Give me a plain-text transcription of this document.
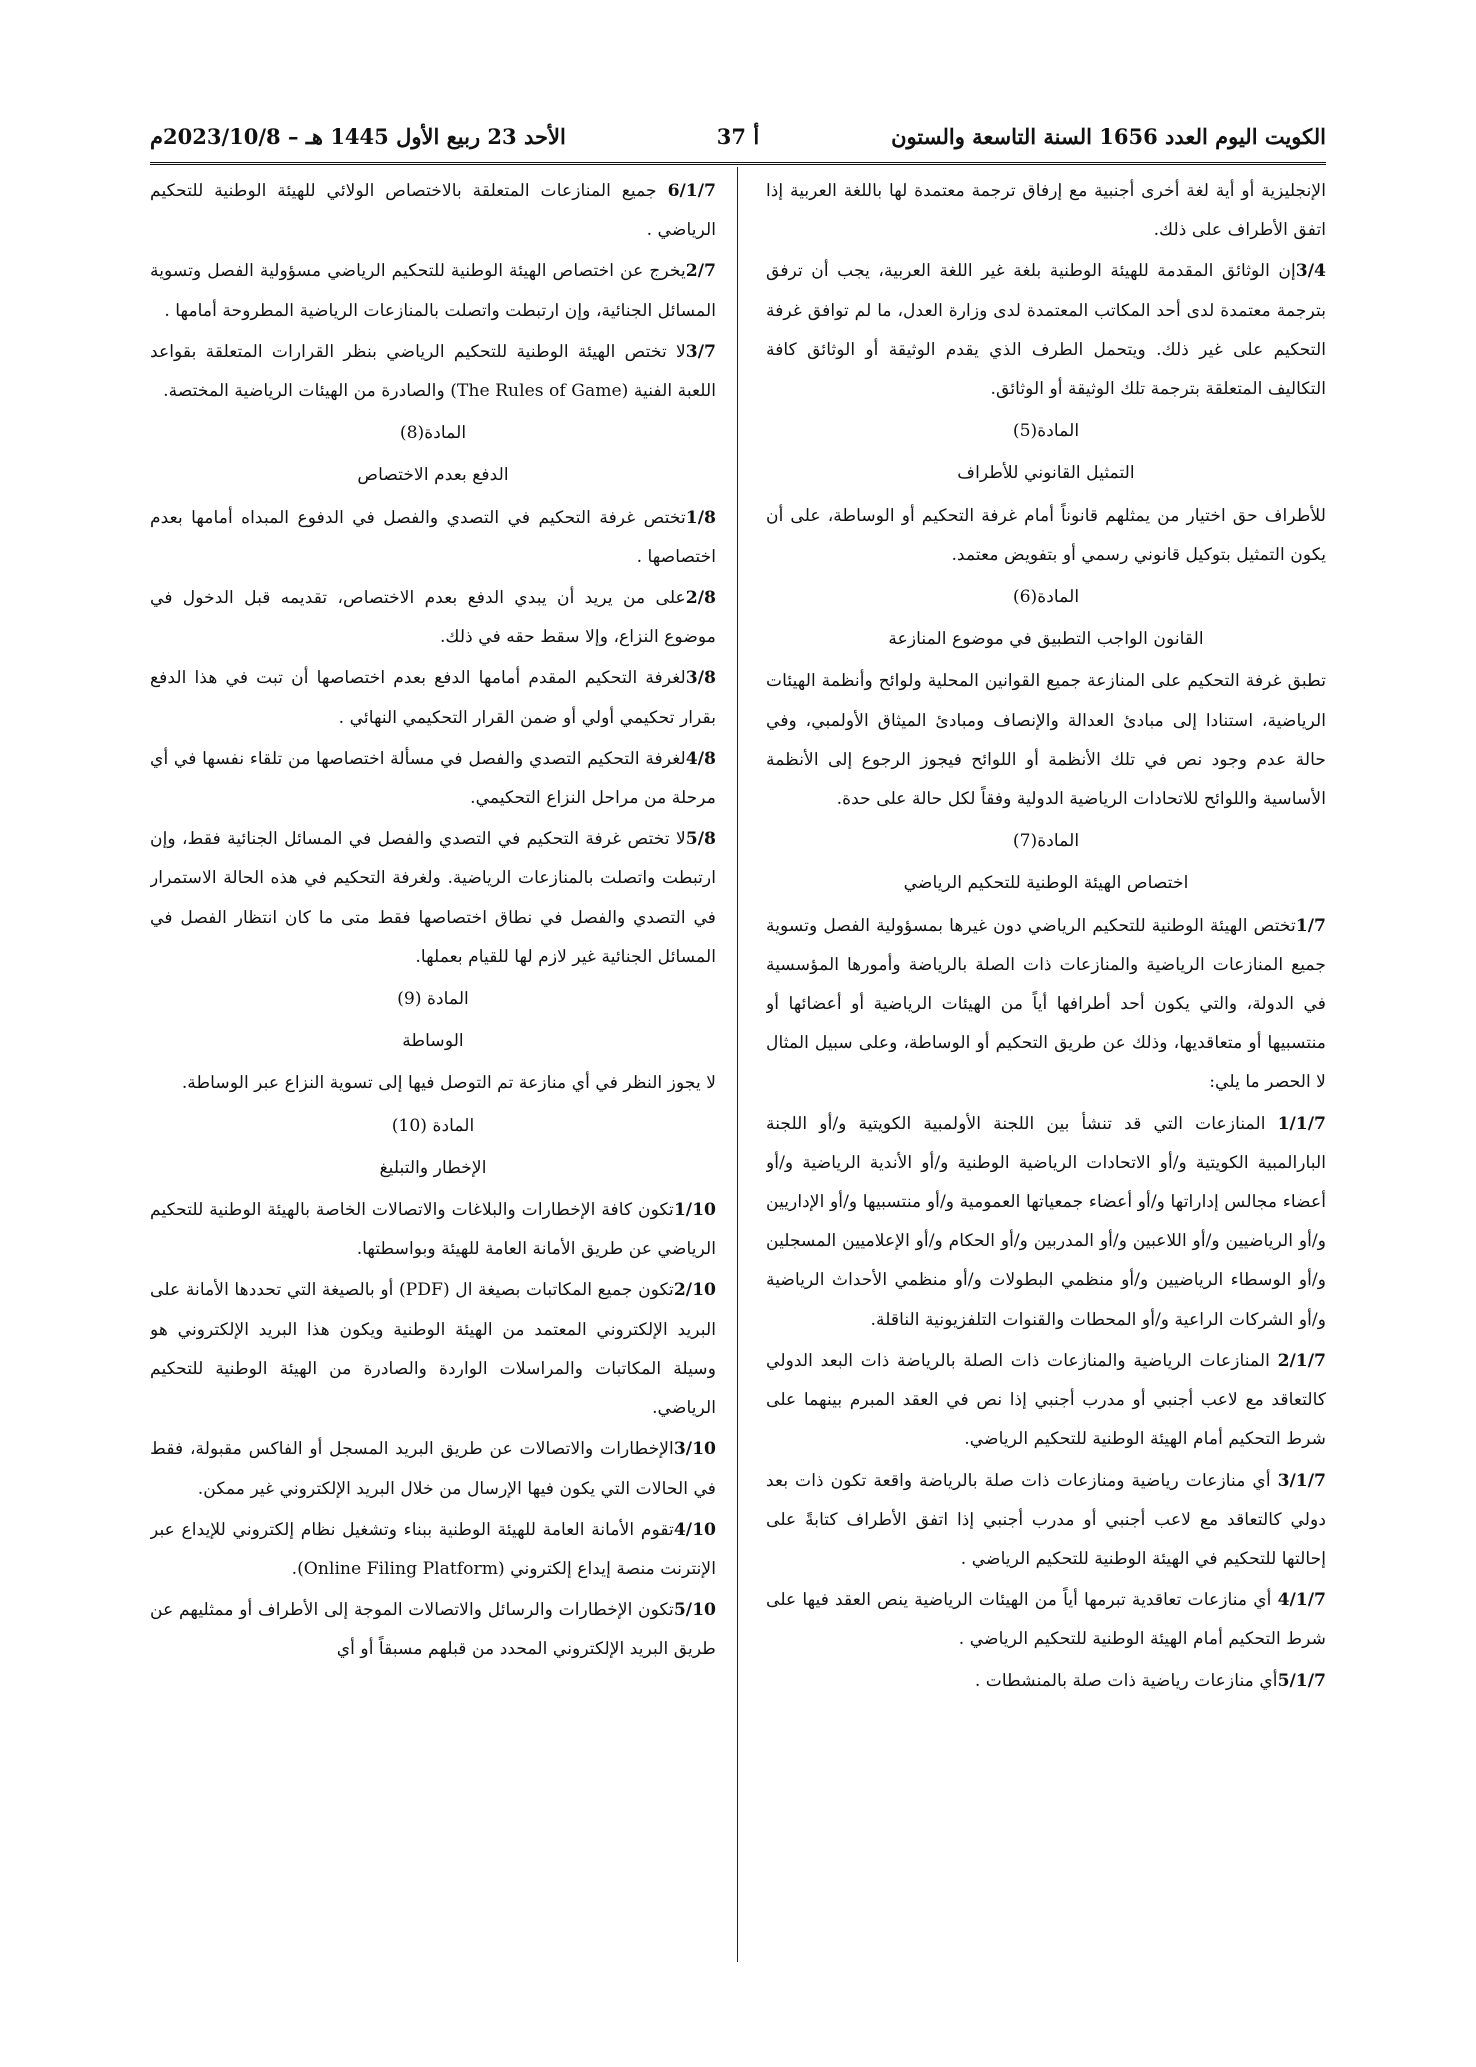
الكويت اليوم العدد 1656 السنة التاسعة والستون
أ 37
الأحد 23 ربيع الأول 1445 هـ – 2023/10/8م

الإنجليزية أو أية لغة أخرى أجنبية مع إرفاق ترجمة معتمدة لها باللغة العربية إذا اتفق الأطراف على ذلك.

3/4إن الوثائق المقدمة للهيئة الوطنية بلغة غير اللغة العربية، يجب أن ترفق بترجمة معتمدة لدى أحد المكاتب المعتمدة لدى وزارة العدل، ما لم توافق غرفة التحكيم على غير ذلك. ويتحمل الطرف الذي يقدم الوثيقة أو الوثائق كافة التكاليف المتعلقة بترجمة تلك الوثيقة أو الوثائق.

المادة(5)

التمثيل القانوني للأطراف

للأطراف حق اختيار من يمثلهم قانوناً أمام غرفة التحكيم أو الوساطة، على أن يكون التمثيل بتوكيل قانوني رسمي أو بتفويض معتمد.

المادة(6)

القانون الواجب التطبيق في موضوع المنازعة

تطبق غرفة التحكيم على المنازعة جميع القوانين المحلية ولوائح وأنظمة الهيئات الرياضية، استنادا إلى مبادئ العدالة والإنصاف ومبادئ الميثاق الأولمبي، وفي حالة عدم وجود نص في تلك الأنظمة أو اللوائح فيجوز الرجوع إلى الأنظمة الأساسية واللوائح للاتحادات الرياضية الدولية وفقاً لكل حالة على حدة.

المادة(7)

اختصاص الهيئة الوطنية للتحكيم الرياضي

1/7تختص الهيئة الوطنية للتحكيم الرياضي دون غيرها بمسؤولية الفصل وتسوية جميع المنازعات الرياضية والمنازعات ذات الصلة بالرياضة وأمورها المؤسسية في الدولة، والتي يكون أحد أطرافها أياً من الهيئات الرياضية أو أعضائها أو منتسبيها أو متعاقديها، وذلك عن طريق التحكيم أو الوساطة، وعلى سبيل المثال لا الحصر ما يلي:

1/1/7 المنازعات التي قد تنشأ بين اللجنة الأولمبية الكويتية و/أو اللجنة البارالمبية الكويتية و/أو الاتحادات الرياضية الوطنية و/أو الأندية الرياضية و/أو أعضاء مجالس إداراتها و/أو أعضاء جمعياتها العمومية و/أو منتسبيها و/أو الإداريين و/أو الرياضيين و/أو اللاعبين و/أو المدربين و/أو الحكام و/أو الإعلاميين المسجلين و/أو الوسطاء الرياضيين و/أو منظمي البطولات و/أو منظمي الأحداث الرياضية و/أو الشركات الراعية و/أو المحطات والقنوات التلفزيونية الناقلة.

2/1/7 المنازعات الرياضية والمنازعات ذات الصلة بالرياضة ذات البعد الدولي كالتعاقد مع لاعب أجنبي أو مدرب أجنبي إذا نص في العقد المبرم بينهما على شرط التحكيم أمام الهيئة الوطنية للتحكيم الرياضي.

3/1/7 أي منازعات رياضية ومنازعات ذات صلة بالرياضة واقعة تكون ذات بعد دولي كالتعاقد مع لاعب أجنبي أو مدرب أجنبي إذا اتفق الأطراف كتابةً على إحالتها للتحكيم في الهيئة الوطنية للتحكيم الرياضي .

4/1/7 أي منازعات تعاقدية تبرمها أياً من الهيئات الرياضية ينص العقد فيها على شرط التحكيم أمام الهيئة الوطنية للتحكيم الرياضي .

5/1/7أي منازعات رياضية ذات صلة بالمنشطات .

6/1/7 جميع المنازعات المتعلقة بالاختصاص الولائي للهيئة الوطنية للتحكيم الرياضي .

2/7يخرج عن اختصاص الهيئة الوطنية للتحكيم الرياضي مسؤولية الفصل وتسوية المسائل الجنائية، وإن ارتبطت واتصلت بالمنازعات الرياضية المطروحة أمامها .

3/7لا تختص الهيئة الوطنية للتحكيم الرياضي بنظر القرارات المتعلقة بقواعد اللعبة الفنية (The Rules of Game) والصادرة من الهيئات الرياضية المختصة.

المادة(8)

الدفع بعدم الاختصاص

1/8تختص غرفة التحكيم في التصدي والفصل في الدفوع المبداه أمامها بعدم اختصاصها .

2/8على من يريد أن يبدي الدفع بعدم الاختصاص، تقديمه قبل الدخول في موضوع النزاع، وإلا سقط حقه في ذلك.

3/8لغرفة التحكيم المقدم أمامها الدفع بعدم اختصاصها أن تبت في هذا الدفع بقرار تحكيمي أولي أو ضمن القرار التحكيمي النهائي .

4/8لغرفة التحكيم التصدي والفصل في مسألة اختصاصها من تلقاء نفسها في أي مرحلة من مراحل النزاع التحكيمي.

5/8لا تختص غرفة التحكيم في التصدي والفصل في المسائل الجنائية فقط، وإن ارتبطت واتصلت بالمنازعات الرياضية. ولغرفة التحكيم في هذه الحالة الاستمرار في التصدي والفصل في نطاق اختصاصها فقط متى ما كان انتظار الفصل في المسائل الجنائية غير لازم لها للقيام بعملها.

المادة (9)

الوساطة

لا يجوز النظر في أي منازعة تم التوصل فيها إلى تسوية النزاع عبر الوساطة.

المادة (10)

الإخطار والتبليغ

1/10تكون كافة الإخطارات والبلاغات والاتصالات الخاصة بالهيئة الوطنية للتحكيم الرياضي عن طريق الأمانة العامة للهيئة وبواسطتها.

2/10تكون جميع المكاتبات بصيغة ال (PDF) أو بالصيغة التي تحددها الأمانة على البريد الإلكتروني المعتمد من الهيئة الوطنية ويكون هذا البريد الإلكتروني هو وسيلة المكاتبات والمراسلات الواردة والصادرة من الهيئة الوطنية للتحكيم الرياضي.

3/10الإخطارات والاتصالات عن طريق البريد المسجل أو الفاكس مقبولة، فقط في الحالات التي يكون فيها الإرسال من خلال البريد الإلكتروني غير ممكن.

4/10تقوم الأمانة العامة للهيئة الوطنية ببناء وتشغيل نظام إلكتروني للإيداع عبر الإنترنت منصة إيداع إلكتروني (Online Filing Platform).

5/10تكون الإخطارات والرسائل والاتصالات الموجة إلى الأطراف أو ممثليهم عن طريق البريد الإلكتروني المحدد من قبلهم مسبقاً أو أي
